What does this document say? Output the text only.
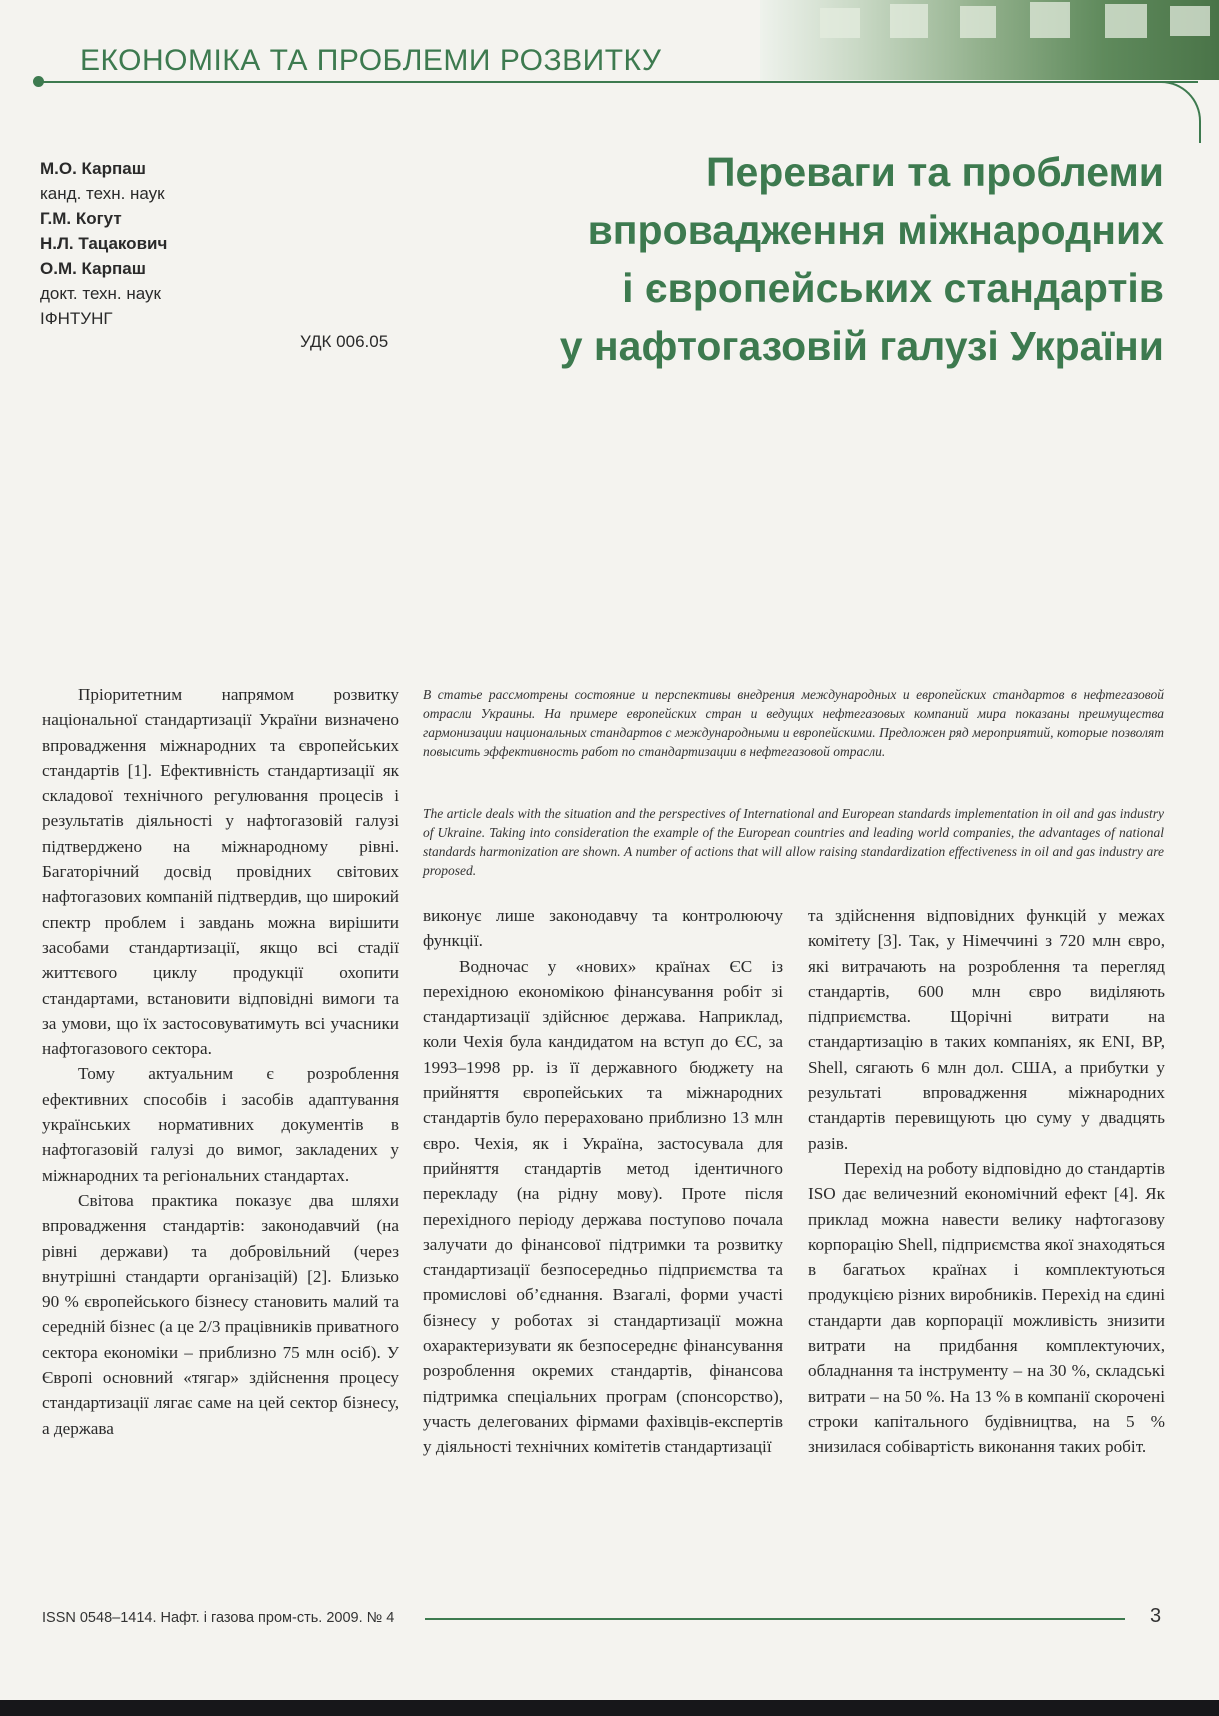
ЕКОНОМІКА ТА ПРОБЛЕМИ РОЗВИТКУ
М.О. Карпаш
канд. техн. наук
Г.М. Когут
Н.Л. Тацакович
О.М. Карпаш
докт. техн. наук
ІФНТУНГ
УДК 006.05
Переваги та проблеми
впровадження міжнародних
і європейських стандартів
у нафтогазовій галузі України
В статье рассмотрены состояние и перспективы внедрения международных и европейских стандартов в нефтегазовой отрасли Украины. На примере европейских стран и ведущих нефтегазовых компаний мира показаны преимущества гармонизации национальных стандартов с международными и европейскими. Предложен ряд мероприятий, которые позволят повысить эффективность работ по стандартизации в нефтегазовой отрасли.
The article deals with the situation and the perspectives of International and European standards implementation in oil and gas industry of Ukraine. Taking into consideration the example of the European countries and leading world companies, the advantages of national standards harmonization are shown. A number of actions that will allow raising standardization effectiveness in oil and gas industry are proposed.

Пріоритетним напрямом розвитку національної стандартизації України визначено впровадження міжнародних та європейських стандартів [1]. Ефективність стандартизації як складової технічного регулювання процесів і результатів діяльності у нафтогазовій галузі підтверджено на міжнародному рівні. Багаторічний досвід провідних світових нафтогазових компаній підтвердив, що широкий спектр проблем і завдань можна вирішити засобами стандартизації, якщо всі стадії життєвого циклу продукції охопити стандартами, встановити відповідні вимоги та за умови, що їх застосовуватимуть всі учасники нафтогазового сектора.

Тому актуальним є розроблення ефективних способів і засобів адаптування українських нормативних документів в нафтогазовій галузі до вимог, закладених у міжнародних та регіональних стандартах.

Світова практика показує два шляхи впровадження стандартів: законодавчий (на рівні держави) та добровільний (через внутрішні стандарти організацій) [2]. Близько 90 % європейського бізнесу становить малий та середній бізнес (а це 2/3 працівників приватного сектора економіки – приблизно 75 млн осіб). У Європі основний «тягар» здійснення процесу стандартизації лягає саме на цей сектор бізнесу, а держава

виконує лише законодавчу та контролюючу функції.

Водночас у «нових» країнах ЄС із перехідною економікою фінансування робіт зі стандартизації здійснює держава. Наприклад, коли Чехія була кандидатом на вступ до ЄС, за 1993–1998 рр. із її державного бюджету на прийняття європейських та міжнародних стандартів було перераховано приблизно 13 млн євро. Чехія, як і Україна, застосувала для прийняття стандартів метод ідентичного перекладу (на рідну мову). Проте після перехідного періоду держава поступово почала залучати до фінансової підтримки та розвитку стандартизації безпосередньо підприємства та промислові об’єднання. Взагалі, форми участі бізнесу у роботах зі стандартизації можна охарактеризувати як безпосереднє фінансування розроблення окремих стандартів, фінансова підтримка спеціальних програм (спонсорство), участь делегованих фірмами фахівців-експертів у діяльності технічних комітетів стандартизації

та здійснення відповідних функцій у межах комітету [3]. Так, у Німеччині з 720 млн євро, які витрачають на розроблення та перегляд стандартів, 600 млн євро виділяють підприємства. Щорічні витрати на стандартизацію в таких компаніях, як ENI, BP, Shell, сягають 6 млн дол. США, а прибутки у результаті впровадження міжнародних стандартів перевищують цю суму у двадцять разів.

Перехід на роботу відповідно до стандартів ISO дає величезний економічний ефект [4]. Як приклад можна навести велику нафтогазову корпорацію Shell, підприємства якої знаходяться в багатьох країнах і комплектуються продукцією різних виробників. Перехід на єдині стандарти дав корпорації можливість знизити витрати на придбання комплектуючих, обладнання та інструменту – на 30 %, складські витрати – на 50 %. На 13 % в компанії скорочені строки капітального будівництва, на 5 % знизилася собівартість виконання таких робіт.

ISSN 0548–1414. Нафт. і газова пром-сть. 2009. № 4	3
